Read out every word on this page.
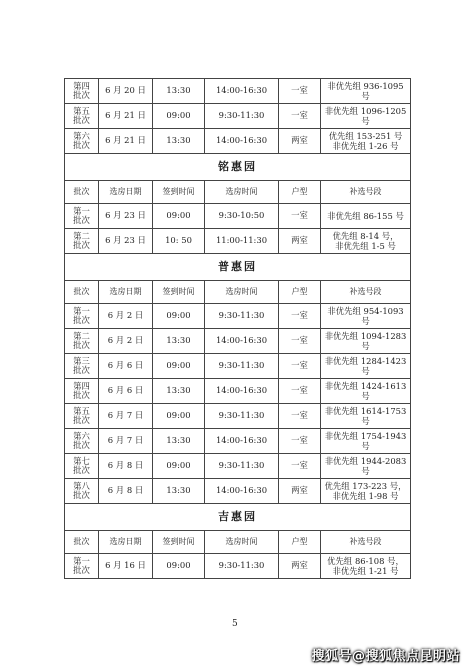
第四
批次	6 月 20 日	13:30	14:00-16:30	一室	非优先组 936-1095 号

第五
批次	6 月 21 日	09:00	9:30-11:30	一室	非优先组 1096-1205
号

第六
批次	6 月 21 日	13:30	14:00-16:30	两室	优先组 153-251 号
非优先组 1-26 号

铭惠园					
批次	选房日期	签到时间	选房时间	户型	补选号段

第一
批次	6 月 23 日	09:00	9:30-10:50	一室	非优先组 86-155 号

第二
批次	6 月 23 日	10: 50	11:00-11:30	两室	优先组 8-14 号，
非优先组 1-5 号

普惠园					
批次	选房日期	签到时间	选房时间	户型	补选号段

第一
批次	6 月 2 日	09:00	9:30-11:30	一室	非优先组 954-1093 号

第二
批次	6 月 2 日	13:30	14:00-16:30	一室	非优先组 1094-1283 号

第三
批次	6 月 6 日	09:00	9:30-11:30	一室	非优先组 1284-1423 号

第四
批次	6 月 6 日	13:30	14:00-16:30	一室	非优先组 1424-1613 号

第五
批次	6 月 7 日	09:00	9:30-11:30	一室	非优先组 1614-1753 号

第六
批次	6 月 7 日	13:30	14:00-16:30	一室	非优先组 1754-1943 号

第七
批次	6 月 8 日	09:00	9:30-11:30	一室	非优先组 1944-2083 号

第八
批次	6 月 8 日	13:30	14:00-16:30	两室	优先组 173-223 号，
非优先组 1-98 号

吉惠园					
批次	选房日期	签到时间	选房时间	户型	补选号段

第一
批次	6 月 16 日	09:00	9:30-11:30	两室	优先组 86-108 号，
非优先组 1-21 号
5
搜狐号@搜狐焦点昆明站
